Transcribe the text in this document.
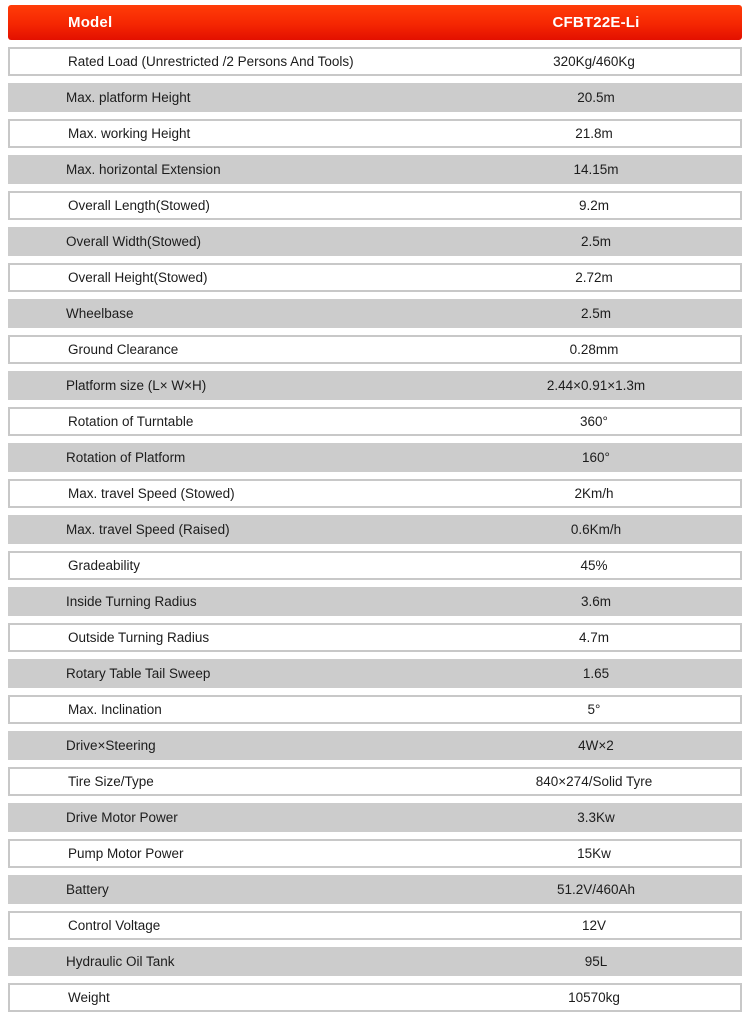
Model	CFBT22E-Li
Rated Load (Unrestricted /2 Persons And Tools)	320Kg/460Kg
Max. platform Height	20.5m
Max. working Height	21.8m
Max. horizontal Extension	14.15m
Overall Length(Stowed)	9.2m
Overall Width(Stowed)	2.5m
Overall Height(Stowed)	2.72m
Wheelbase	2.5m
Ground Clearance	0.28mm
Platform size (L× W×H)	2.44×0.91×1.3m
Rotation of Turntable	360°
Rotation of Platform	160°
Max. travel Speed (Stowed)	2Km/h
Max. travel Speed (Raised)	0.6Km/h
Gradeability	45%
Inside Turning Radius	3.6m
Outside Turning Radius	4.7m
Rotary Table Tail Sweep	1.65
Max. Inclination	5°
Drive×Steering	4W×2
Tire Size/Type	840×274/Solid Tyre
Drive Motor Power	3.3Kw
Pump Motor Power	15Kw
Battery	51.2V/460Ah
Control Voltage	12V
Hydraulic Oil Tank	95L
Weight	10570kg
